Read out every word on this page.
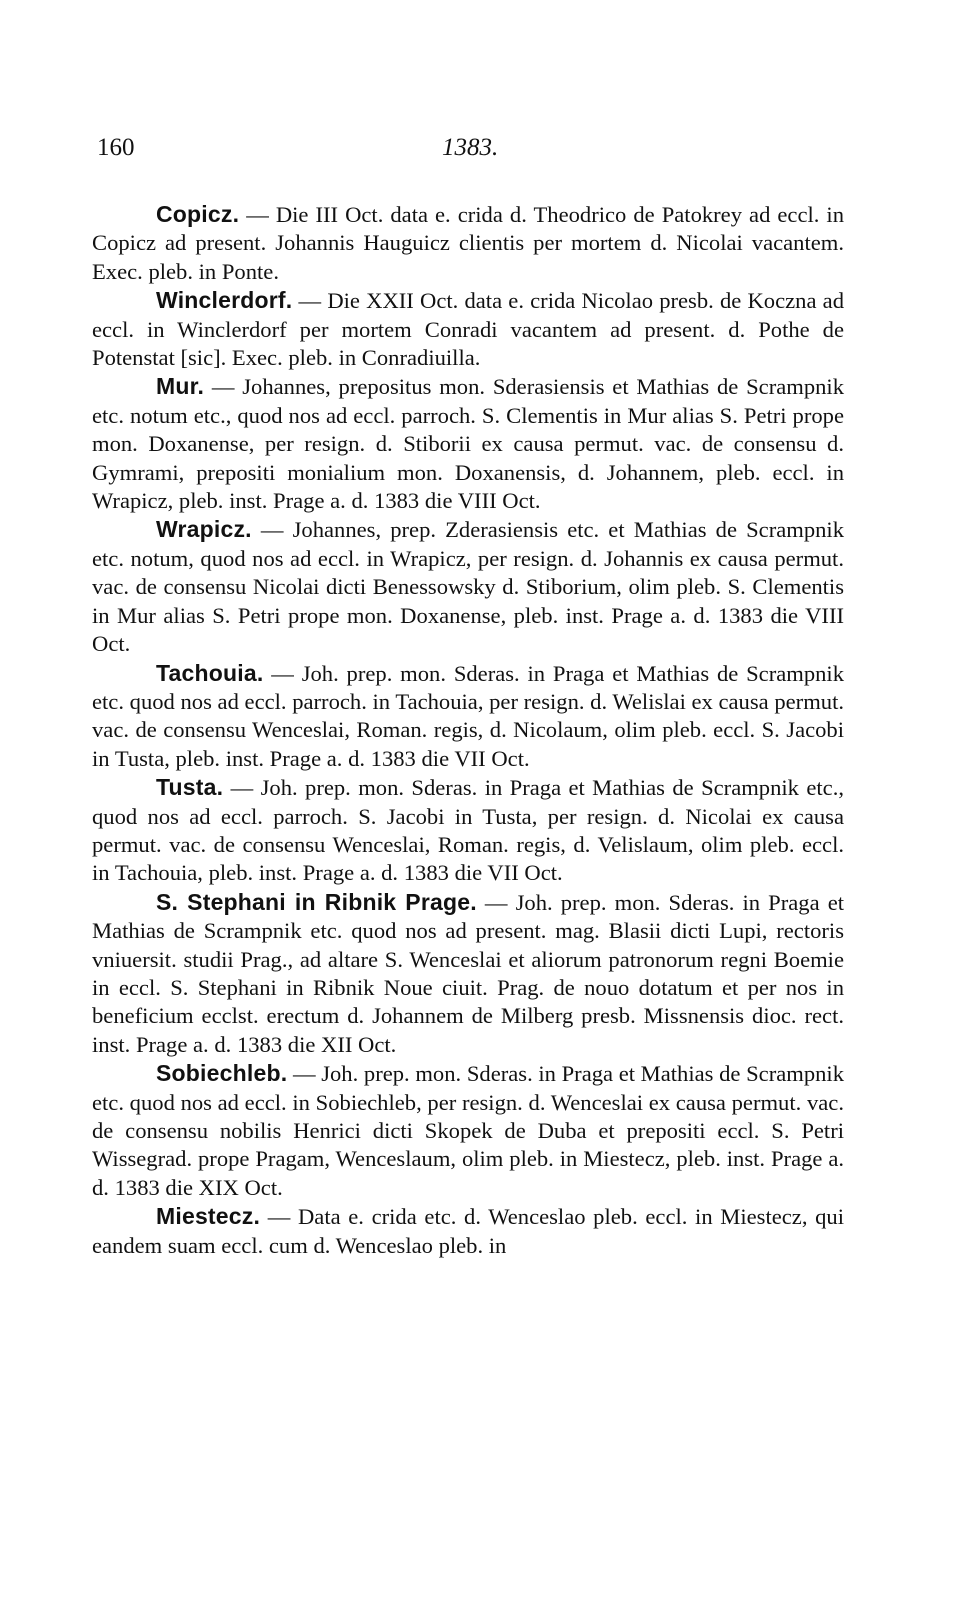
160	1383.

Copicz. — Die III Oct. data e. crida d. Theodrico de Patokrey ad eccl. in Copicz ad present. Johannis Hauguicz clientis per mortem d. Nicolai vacantem. Exec. pleb. in Ponte.

Winclerdorf. — Die XXII Oct. data e. crida Nicolao presb. de Koczna ad eccl. in Winclerdorf per mortem Conradi vacantem ad present. d. Pothe de Potenstat [sic]. Exec. pleb. in Conradiuilla.

Mur. — Johannes, prepositus mon. Sderasiensis et Mathias de Scrampnik etc. notum etc., quod nos ad eccl. parroch. S. Clementis in Mur alias S. Petri prope mon. Doxanense, per resign. d. Stiborii ex causa permut. vac. de consensu d. Gymrami, prepositi monialium mon. Doxanensis, d. Johannem, pleb. eccl. in Wrapicz, pleb. inst. Prage a. d. 1383 die VIII Oct.

Wrapicz. — Johannes, prep. Zderasiensis etc. et Mathias de Scrampnik etc. notum, quod nos ad eccl. in Wrapicz, per resign. d. Johannis ex causa permut. vac. de consensu Nicolai dicti Benessowsky d. Stiborium, olim pleb. S. Clementis in Mur alias S. Petri prope mon. Doxanense, pleb. inst. Prage a. d. 1383 die VIII Oct.

Tachouia. — Joh. prep. mon. Sderas. in Praga et Mathias de Scrampnik etc. quod nos ad eccl. parroch. in Tachouia, per resign. d. Welislai ex causa permut. vac. de consensu Wenceslai, Roman. regis, d. Nicolaum, olim pleb. eccl. S. Jacobi in Tusta, pleb. inst. Prage a. d. 1383 die VII Oct.

Tusta. — Joh. prep. mon. Sderas. in Praga et Mathias de Scrampnik etc., quod nos ad eccl. parroch. S. Jacobi in Tusta, per resign. d. Nicolai ex causa permut. vac. de consensu Wenceslai, Roman. regis, d. Velislaum, olim pleb. eccl. in Tachouia, pleb. inst. Prage a. d. 1383 die VII Oct.

S. Stephani in Ribnik Prage. — Joh. prep. mon. Sderas. in Praga et Mathias de Scrampnik etc. quod nos ad present. mag. Blasii dicti Lupi, rectoris vniuersit. studii Prag., ad altare S. Wenceslai et aliorum patronorum regni Boemie in eccl. S. Stephani in Ribnik Noue ciuit. Prag. de nouo dotatum et per nos in beneficium ecclst. erectum d. Johannem de Milberg presb. Missnensis dioc. rect. inst. Prage a. d. 1383 die XII Oct.

Sobiechleb. — Joh. prep. mon. Sderas. in Praga et Mathias de Scrampnik etc. quod nos ad eccl. in Sobiechleb, per resign. d. Wenceslai ex causa permut. vac. de consensu nobilis Henrici dicti Skopek de Duba et prepositi eccl. S. Petri Wissegrad. prope Pragam, Wenceslaum, olim pleb. in Miestecz, pleb. inst. Prage a. d. 1383 die XIX Oct.

Miestecz. — Data e. crida etc. d. Wenceslao pleb. eccl. in Miestecz, qui eandem suam eccl. cum d. Wenceslao pleb. in
